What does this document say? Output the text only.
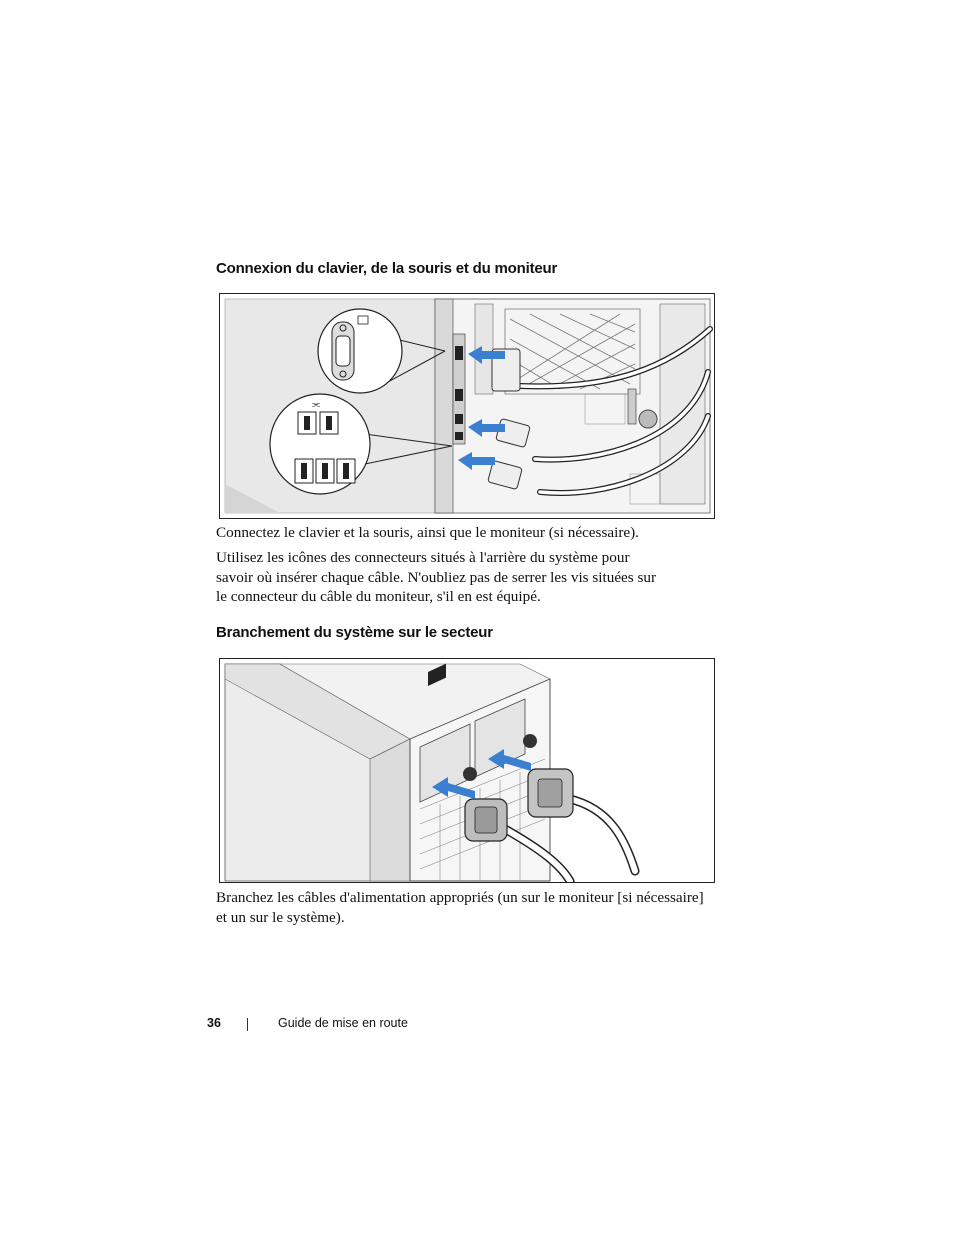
Connexion du clavier, de la souris et du moniteur
⫘

Connectez le clavier et la souris, ainsi que le moniteur (si nécessaire).

Utilisez les icônes des connecteurs situés à l'arrière du système pour savoir où insérer chaque câble. N'oubliez pas de serrer les vis situées sur le connecteur du câble du moniteur, s'il en est équipé.

Branchement du système sur le secteur

Branchez les câbles d'alimentation appropriés (un sur le moniteur [si nécessaire] et un sur le système).

36	Guide de mise en route
